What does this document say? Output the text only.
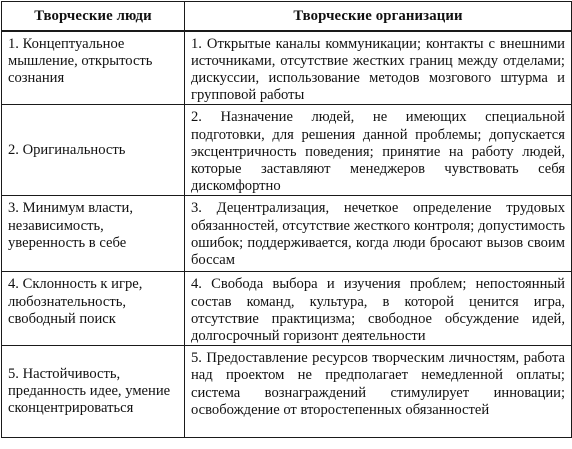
Творческие люди	Творческие организации
1. Концептуальное мышление, открытость сознания	1. Открытые каналы коммуникации; контакты с внешними источниками, отсутствие жестких границ между отделами; дискуссии, использование методов мозгового штурма и групповой работы
2. Оригинальность	2. Назначение людей, не имеющих специальной подготовки, для решения данной проблемы; допускается эксцентричность поведения; принятие на работу людей, которые заставляют менеджеров чувствовать себя дискомфортно
3. Минимум власти, независимость, уверенность в себе	3. Децентрализация, нечеткое определение трудовых обязанностей, отсутствие жесткого контроля; допустимость ошибок; поддерживается, когда люди бросают вызов своим боссам
4. Склонность к игре, любознательность, свободный поиск	4. Свобода выбора и изучения проблем; непостоянный состав команд, культура, в которой ценится игра, отсутствие практицизма; свободное обсуждение идей, долгосрочный горизонт деятельности
5. Настойчивость, преданность идее, умение сконцентрироваться	5. Предоставление ресурсов творческим личностям, работа над проектом не предполагает немедленной оплаты; система вознаграждений стимулирует инновации; освобождение от второстепенных обязанностей
